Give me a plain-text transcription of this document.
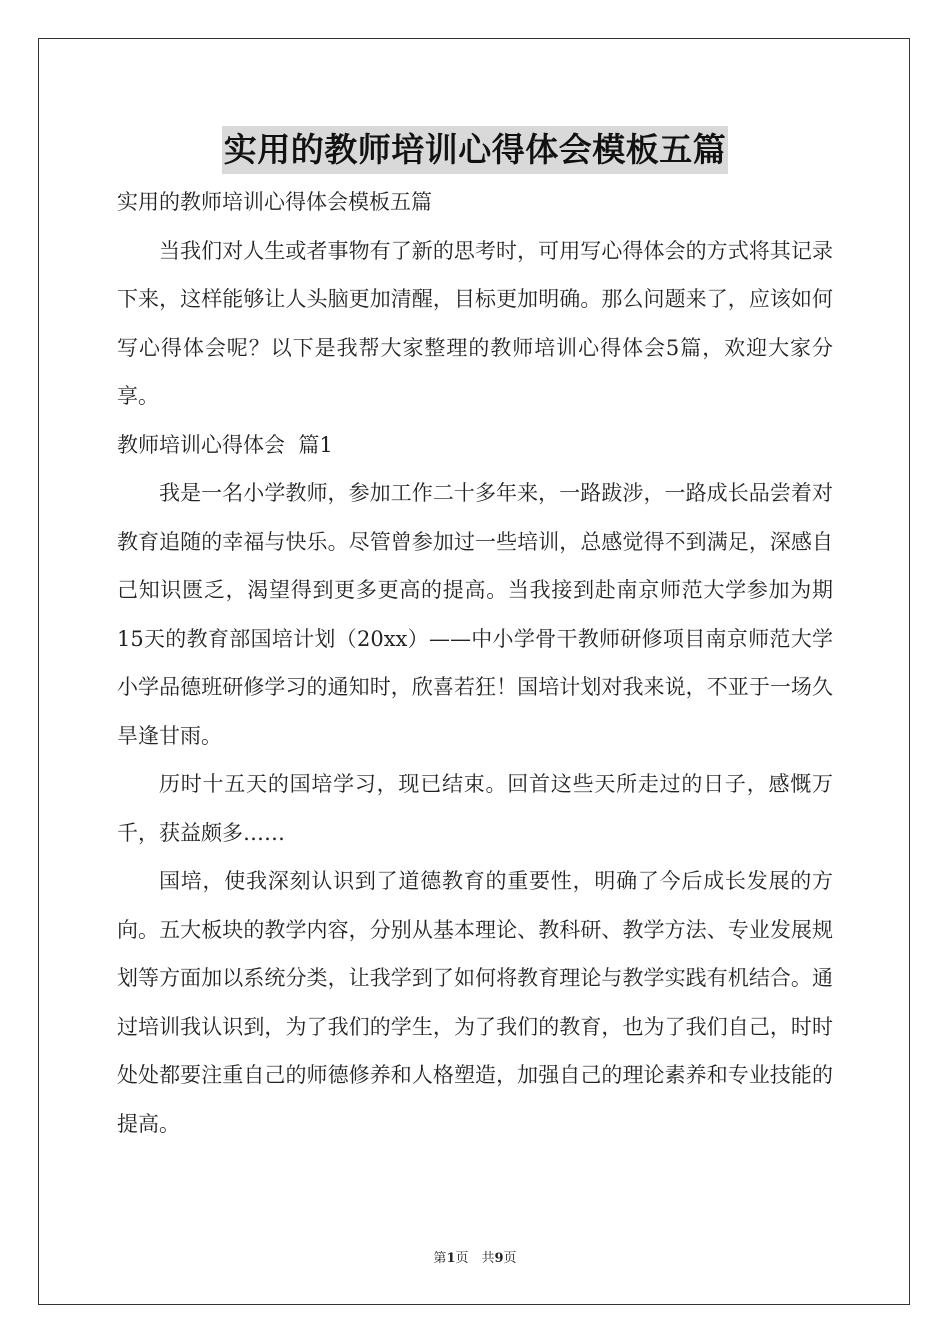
实用的教师培训心得体会模板五篇

实用的教师培训心得体会模板五篇

当我们对人生或者事物有了新的思考时，可用写心得体会的方式将其记录下来，这样能够让人头脑更加清醒，目标更加明确。那么问题来了，应该如何写心得体会呢？以下是我帮大家整理的教师培训心得体会5篇，欢迎大家分享。

教师培训心得体会  篇1

我是一名小学教师，参加工作二十多年来，一路跋涉，一路成长品尝着对教育追随的幸福与快乐。尽管曾参加过一些培训，总感觉得不到满足，深感自己知识匮乏，渴望得到更多更高的提高。当我接到赴南京师范大学参加为期15天的教育部国培计划（20xx）——中小学骨干教师研修项目南京师范大学小学品德班研修学习的通知时，欣喜若狂！国培计划对我来说，不亚于一场久旱逢甘雨。

历时十五天的国培学习，现已结束。回首这些天所走过的日子，感慨万千，获益颇多……

国培，使我深刻认识到了道德教育的重要性，明确了今后成长发展的方向。五大板块的教学内容，分别从基本理论、教科研、教学方法、专业发展规划等方面加以系统分类，让我学到了如何将教育理论与教学实践有机结合。通过培训我认识到，为了我们的学生，为了我们的教育，也为了我们自己，时时处处都要注重自己的师德修养和人格塑造，加强自己的理论素养和专业技能的提高。

第1页　共9页
